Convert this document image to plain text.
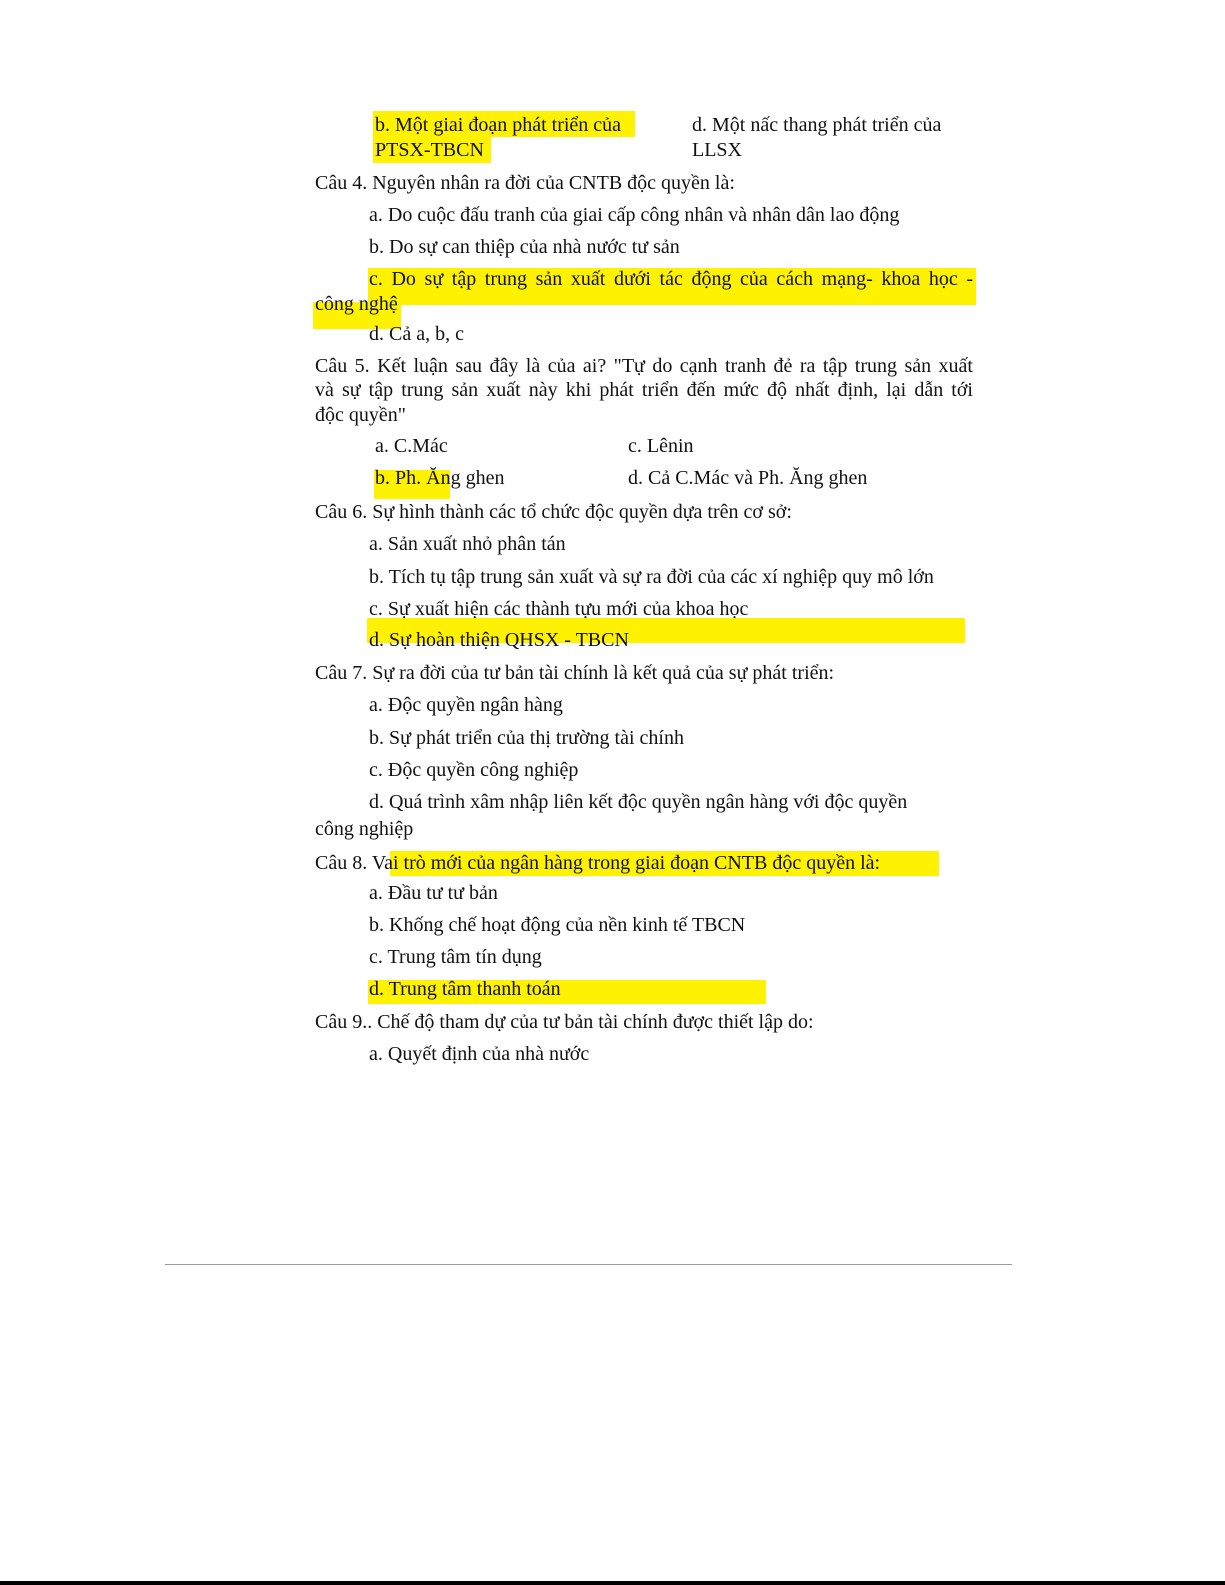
b. Một giai đoạn phát triển của
PTSX-TBCN
d. Một nấc thang phát triển của
LLSX
Câu 4. Nguyên nhân ra đời của CNTB độc quyền là:
a. Do cuộc đấu tranh của giai cấp công nhân và nhân dân lao động
b. Do sự can thiệp của nhà nước tư sản
c. Do sự tập trung sản xuất dưới tác động của cách mạng- khoa học -
công nghệ
d. Cả a, b, c
Câu 5. Kết luận sau đây là của ai? "Tự do cạnh tranh đẻ ra tập trung sản xuất
và sự tập trung sản xuất này khi phát triển đến mức độ nhất định, lại dẫn tới
độc quyền"
a. C.Mác	c. Lênin
b. Ph. Ăng ghen	d. Cả C.Mác và Ph. Ăng ghen
Câu 6. Sự hình thành các tổ chức độc quyền dựa trên cơ sở:
a. Sản xuất nhỏ phân tán
b. Tích tụ tập trung sản xuất và sự ra đời của các xí nghiệp quy mô lớn
c. Sự xuất hiện các thành tựu mới của khoa học
d. Sự hoàn thiện QHSX - TBCN
Câu 7. Sự ra đời của tư bản tài chính là kết quả của sự phát triển:
a. Độc quyền ngân hàng
b. Sự phát triển của thị trường tài chính
c. Độc quyền công nghiệp
d. Quá trình xâm nhập liên kết độc quyền ngân hàng với độc quyền
công nghiệp
Câu 8. Vai trò mới của ngân hàng trong giai đoạn CNTB độc quyền là:
a. Đầu tư tư bản
b. Khống chế hoạt động của nền kinh tế TBCN
c. Trung tâm tín dụng
d. Trung tâm thanh toán
Câu 9.. Chế độ tham dự của tư bản tài chính được thiết lập do:
a. Quyết định của nhà nước
